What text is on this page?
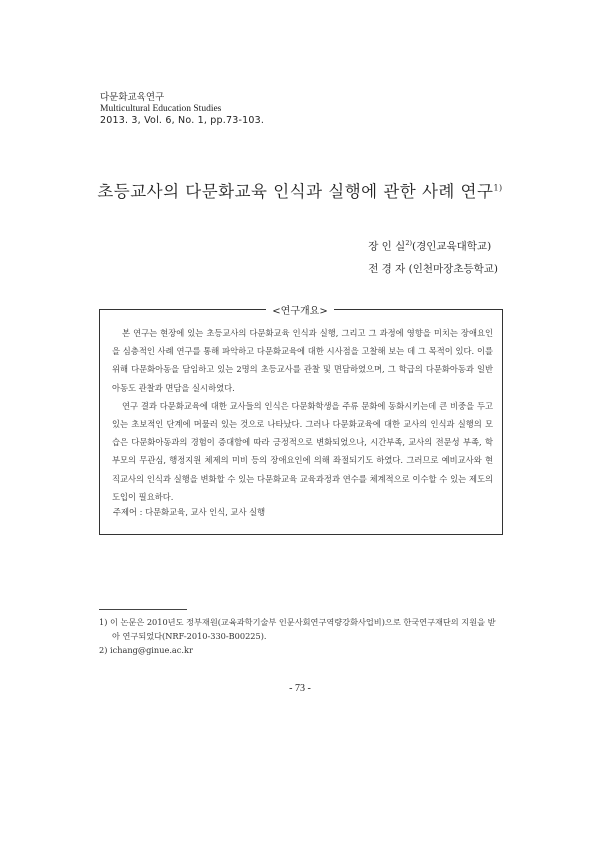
다문화교육연구
Multicultural Education Studies
2013. 3, Vol. 6, No. 1, pp.73-103.
초등교사의 다문화교육 인식과 실행에 관한 사례 연구$^{1)}$
장 인 실$^{2)}$(경인교육대학교)
전 경 자 (인천마장초등학교)
<연구개요>

본 연구는 현장에 있는 초등교사의 다문화교육 인식과 실행, 그리고 그 과정에 영향을 미치는 장애요인을 심층적인 사례 연구를 통해 파악하고 다문화교육에 대한 시사점을 고찰해 보는 데 그 목적이 있다. 이를 위해 다문화아동을 담임하고 있는 2명의 초등교사를 관찰 및 면담하였으며, 그 학급의 다문화아동과 일반아동도 관찰과 면담을 실시하였다.

연구 결과 다문화교육에 대한 교사들의 인식은 다문화학생을 주류 문화에 동화시키는데 큰 비중을 두고 있는 초보적인 단계에 머물러 있는 것으로 나타났다. 그러나 다문화교육에 대한 교사의 인식과 실행의 모습은 다문화아동과의 경험이 증대함에 따라 긍정적으로 변화되었으나, 시간부족, 교사의 전문성 부족, 학부모의 무관심, 행정지원 체제의 미비 등의 장애요인에 의해 좌절되기도 하였다. 그러므로 예비교사와 현직교사의 인식과 실행을 변화할 수 있는 다문화교육 교육과정과 연수를 체계적으로 이수할 수 있는 제도의 도입이 필요하다.

주제어 : 다문화교육, 교사 인식, 교사 실행

1) 이 논문은 2010년도 정부재원(교육과학기술부 인문사회연구역량강화사업비)으로 한국연구재단의 지원을 받아 연구되었다(NRF-2010-330-B00225).

2) ichang@ginue.ac.kr

- 73 -
